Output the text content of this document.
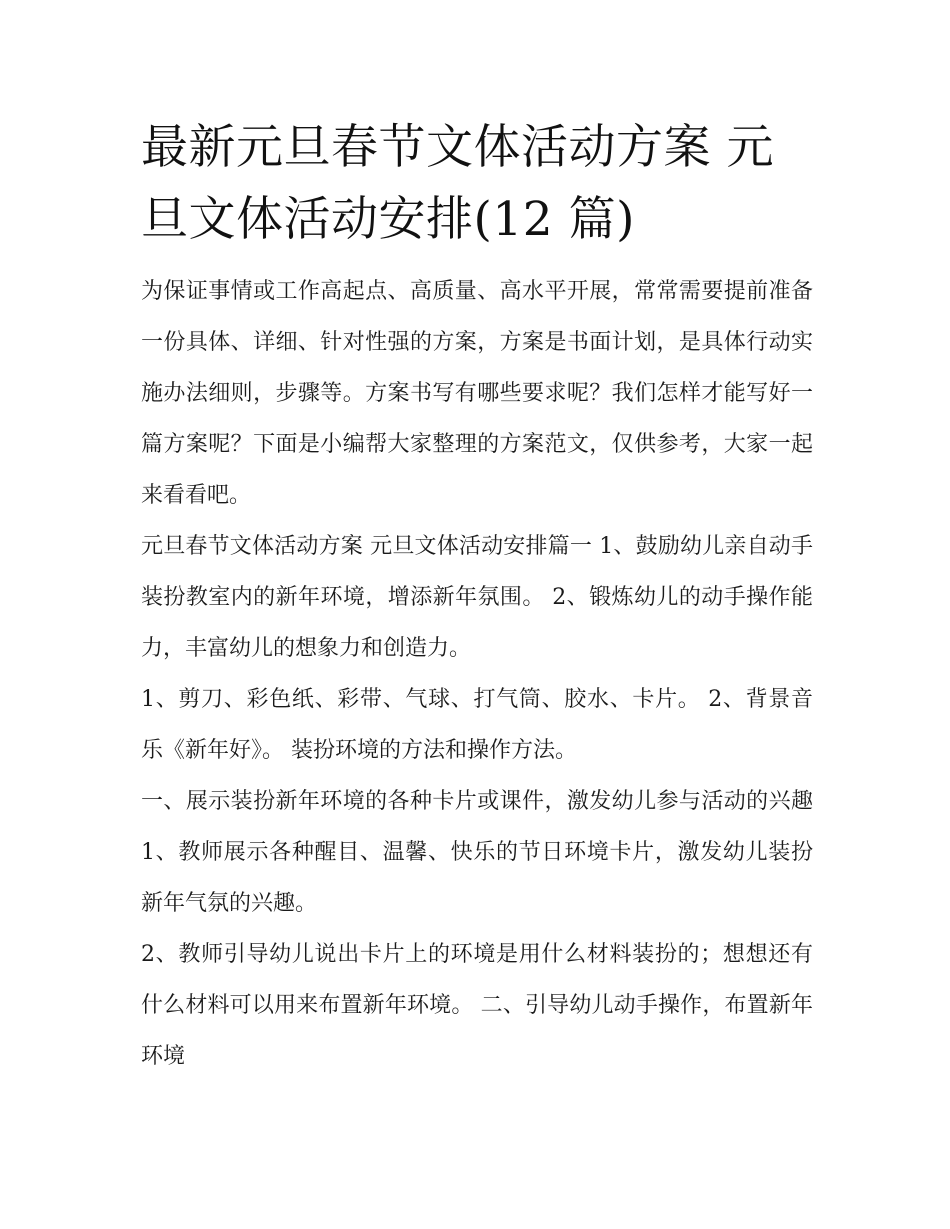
最新元旦春节文体活动方案 元旦文体活动安排(12 篇)

为保证事情或工作高起点、高质量、高水平开展，常常需要提前准备一份具体、详细、针对性强的方案，方案是书面计划，是具体行动实施办法细则，步骤等。方案书写有哪些要求呢？我们怎样才能写好一篇方案呢？下面是小编帮大家整理的方案范文，仅供参考，大家一起来看看吧。

元旦春节文体活动方案 元旦文体活动安排篇一 1、鼓励幼儿亲自动手装扮教室内的新年环境，增添新年氛围。 2、锻炼幼儿的动手操作能力，丰富幼儿的想象力和创造力。

1、剪刀、彩色纸、彩带、气球、打气筒、胶水、卡片。 2、背景音乐《新年好》。 装扮环境的方法和操作方法。

一、展示装扮新年环境的各种卡片或课件，激发幼儿参与活动的兴趣 1、教师展示各种醒目、温馨、快乐的节日环境卡片，激发幼儿装扮新年气氛的兴趣。

2、教师引导幼儿说出卡片上的环境是用什么材料装扮的；想想还有什么材料可以用来布置新年环境。 二、引导幼儿动手操作，布置新年环境
